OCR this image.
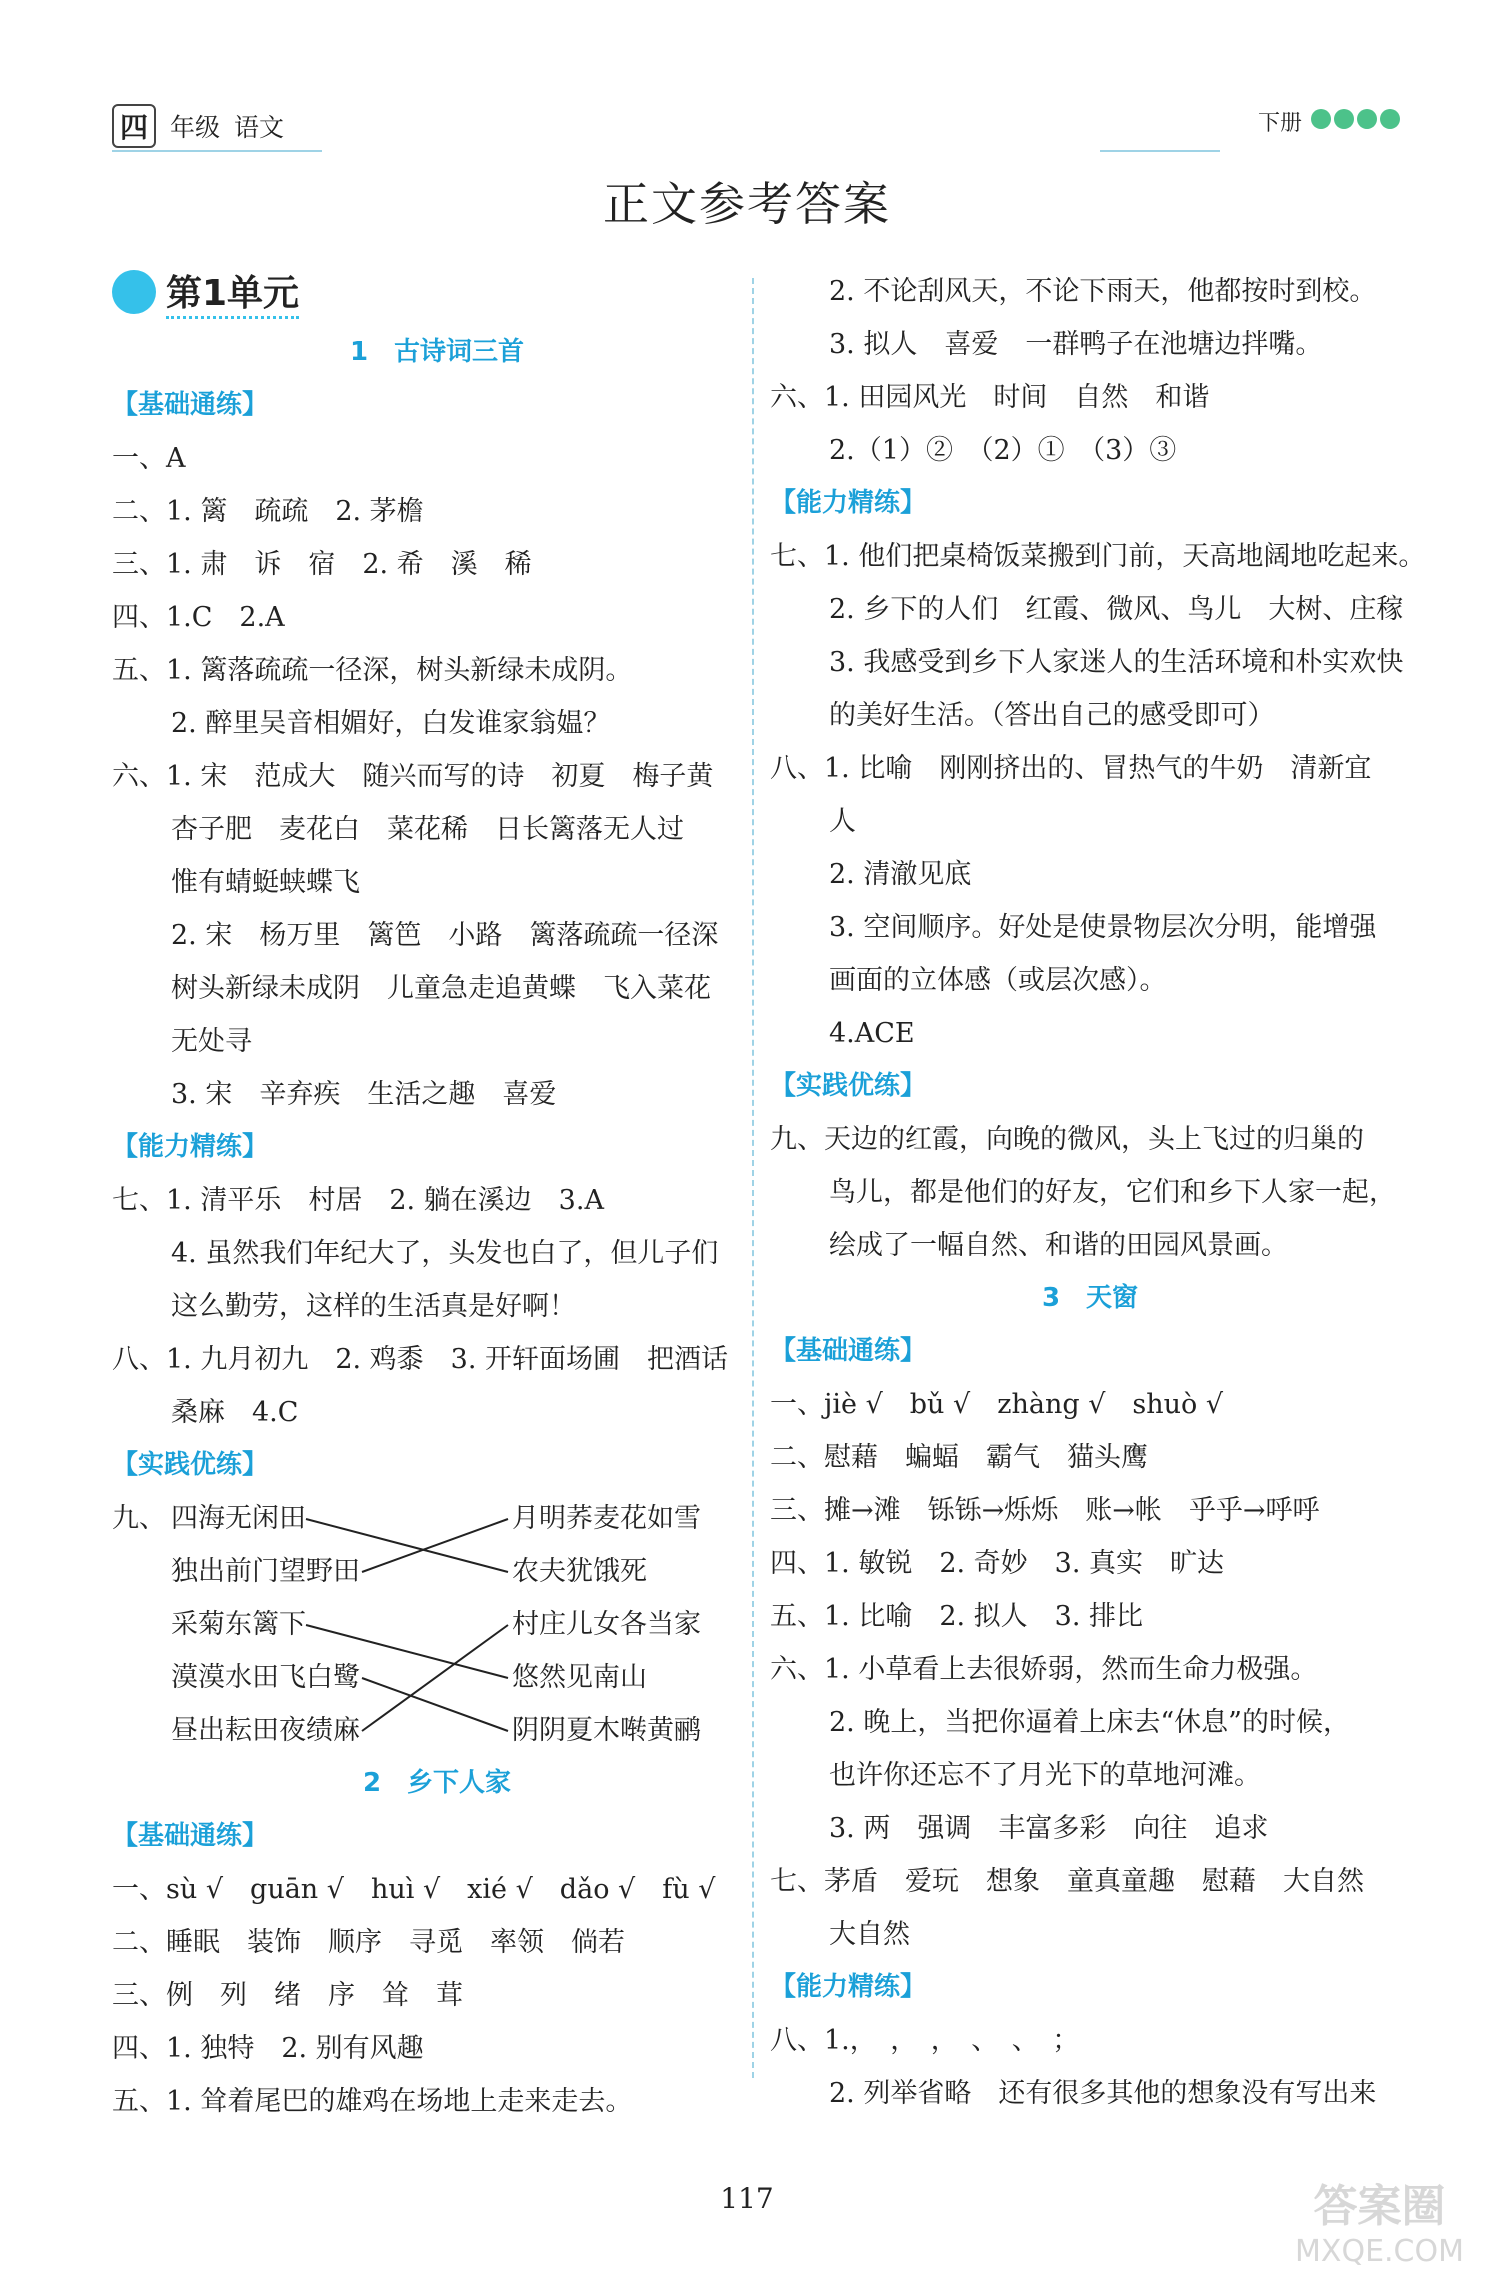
四 年级 语文	下册
正文参考答案
第1单元
1　古诗词三首
【基础通练】
一、A
二、1. 篱　疏疏　2. 茅檐
三、1. 肃　诉　宿　2. 希　溪　稀
四、1.C　2.A
五、1. 篱落疏疏一径深，树头新绿未成阴。
2. 醉里吴音相媚好，白发谁家翁媪？
六、1. 宋　范成大　随兴而写的诗　初夏　梅子黄
杏子肥　麦花白　菜花稀　日长篱落无人过
惟有蜻蜓蛱蝶飞
2. 宋　杨万里　篱笆　小路　篱落疏疏一径深
树头新绿未成阴　儿童急走追黄蝶　飞入菜花
无处寻
3. 宋　辛弃疾　生活之趣　喜爱
【能力精练】
七、1. 清平乐　村居　2. 躺在溪边　3.A
4. 虽然我们年纪大了，头发也白了，但儿子们
这么勤劳，这样的生活真是好啊！
八、1. 九月初九　2. 鸡黍　3. 开轩面场圃　把酒话
桑麻　4.C
【实践优练】
九、 四海无闲田
独出前门望野田
采菊东篱下
漠漠水田飞白鹭
昼出耘田夜绩麻
月明荞麦花如雪
农夫犹饿死
村庄儿女各当家
悠然见南山
阴阴夏木啭黄鹂
2　乡下人家
【基础通练】
一、sù √　guān √　huì √　xié √　dǎo √　fù √
二、睡眠　装饰　顺序　寻觅　率领　倘若
三、例　列　绪　序　耸　茸
四、1. 独特　2. 别有风趣
五、1. 耸着尾巴的雄鸡在场地上走来走去。
2. 不论刮风天，不论下雨天，他都按时到校。
3. 拟人　喜爱　一群鸭子在池塘边拌嘴。
六、1. 田园风光　时间　自然　和谐
2.（1）②　（2）①　（3）③
【能力精练】
七、1. 他们把桌椅饭菜搬到门前，天高地阔地吃起来。
2. 乡下的人们　红霞、微风、鸟儿　大树、庄稼
3. 我感受到乡下人家迷人的生活环境和朴实欢快
的美好生活。（答出自己的感受即可）
八、1. 比喻　刚刚挤出的、冒热气的牛奶　清新宜
人
2. 清澈见底
3. 空间顺序。好处是使景物层次分明，能增强
画面的立体感（或层次感）。
4.ACE
【实践优练】
九、天边的红霞，向晚的微风，头上飞过的归巢的
鸟儿，都是他们的好友，它们和乡下人家一起，
绘成了一幅自然、和谐的田园风景画。
3　天窗
【基础通练】
一、jiè √　bǔ √　zhàng √　shuò √
二、慰藉　蝙蝠　霸气　猫头鹰
三、摊→滩　铄铄→烁烁　账→帐　乎乎→呼呼
四、1. 敏锐　2. 奇妙　3. 真实　旷达
五、1. 比喻　2. 拟人　3. 排比
六、1. 小草看上去很娇弱，然而生命力极强。
2. 晚上，当把你逼着上床去“休息”的时候，
也许你还忘不了月光下的草地河滩。
3. 两　强调　丰富多彩　向往　追求
七、茅盾　爱玩　想象　童真童趣　慰藉　大自然
大自然
【能力精练】
八、1.，　，　，　、　、　；
2. 列举省略　还有很多其他的想象没有写出来
117	答案圈
MXQE.COM
